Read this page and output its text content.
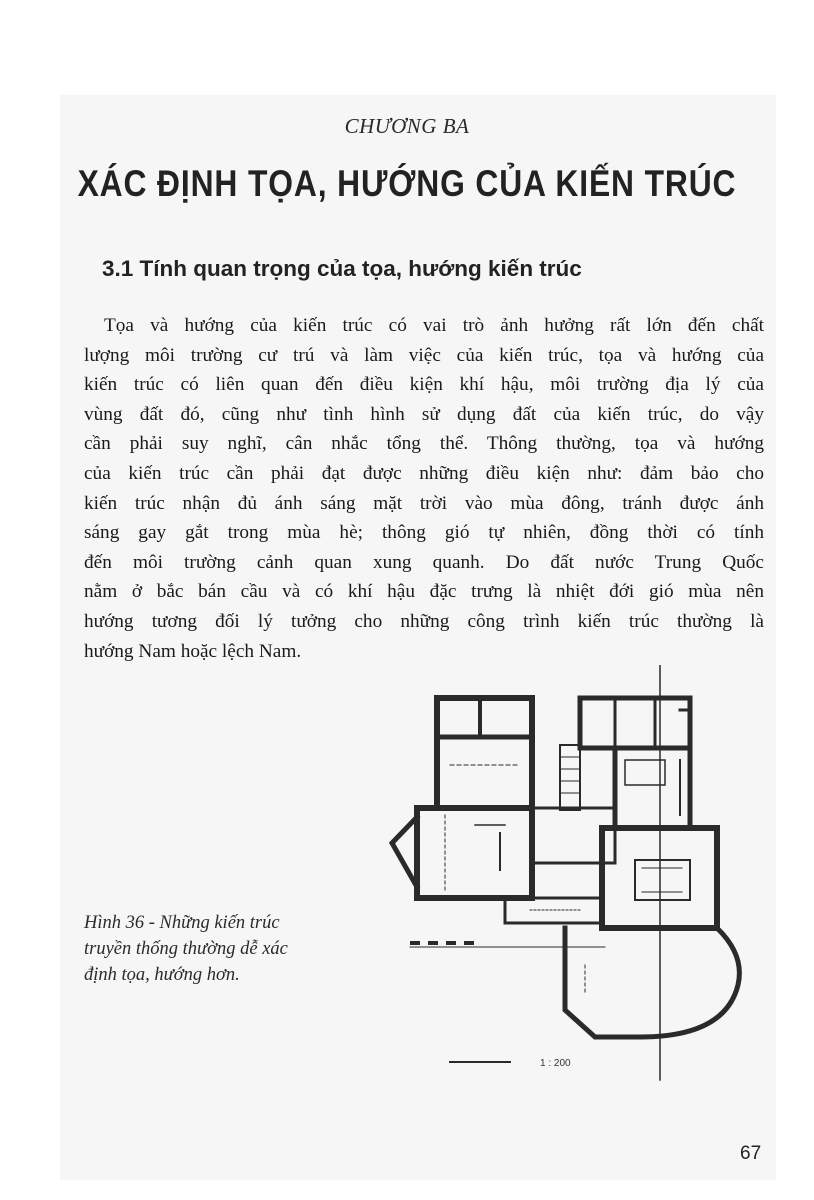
CHƯƠNG BA
XÁC ĐỊNH TỌA, HƯỚNG CỦA KIẾN TRÚC
3.1 Tính quan trọng của tọa, hướng kiến trúc
Tọa và hướng của kiến trúc có vai trò ảnh hưởng rất lớn đến chất
lượng môi trường cư trú và làm việc của kiến trúc, tọa và hướng của
kiến trúc có liên quan đến điều kiện khí hậu, môi trường địa lý của
vùng đất đó, cũng như tình hình sử dụng đất của kiến trúc, do vậy
cần phải suy nghĩ, cân nhắc tổng thể. Thông thường, tọa và hướng
của kiến trúc cần phải đạt được những điều kiện như: đảm bảo cho
kiến trúc nhận đủ ánh sáng mặt trời vào mùa đông, tránh được ánh
sáng gay gắt trong mùa hè; thông gió tự nhiên, đồng thời có tính
đến môi trường cảnh quan xung quanh. Do đất nước Trung Quốc
nằm ở bắc bán cầu và có khí hậu đặc trưng là nhiệt đới gió mùa nên
hướng tương đối lý tưởng cho những công trình kiến trúc thường là
hướng Nam hoặc lệch Nam.
Hình 36 - Những kiến trúc
truyền thống thường dễ xác
định tọa, hướng hơn.
1 : 200
67
